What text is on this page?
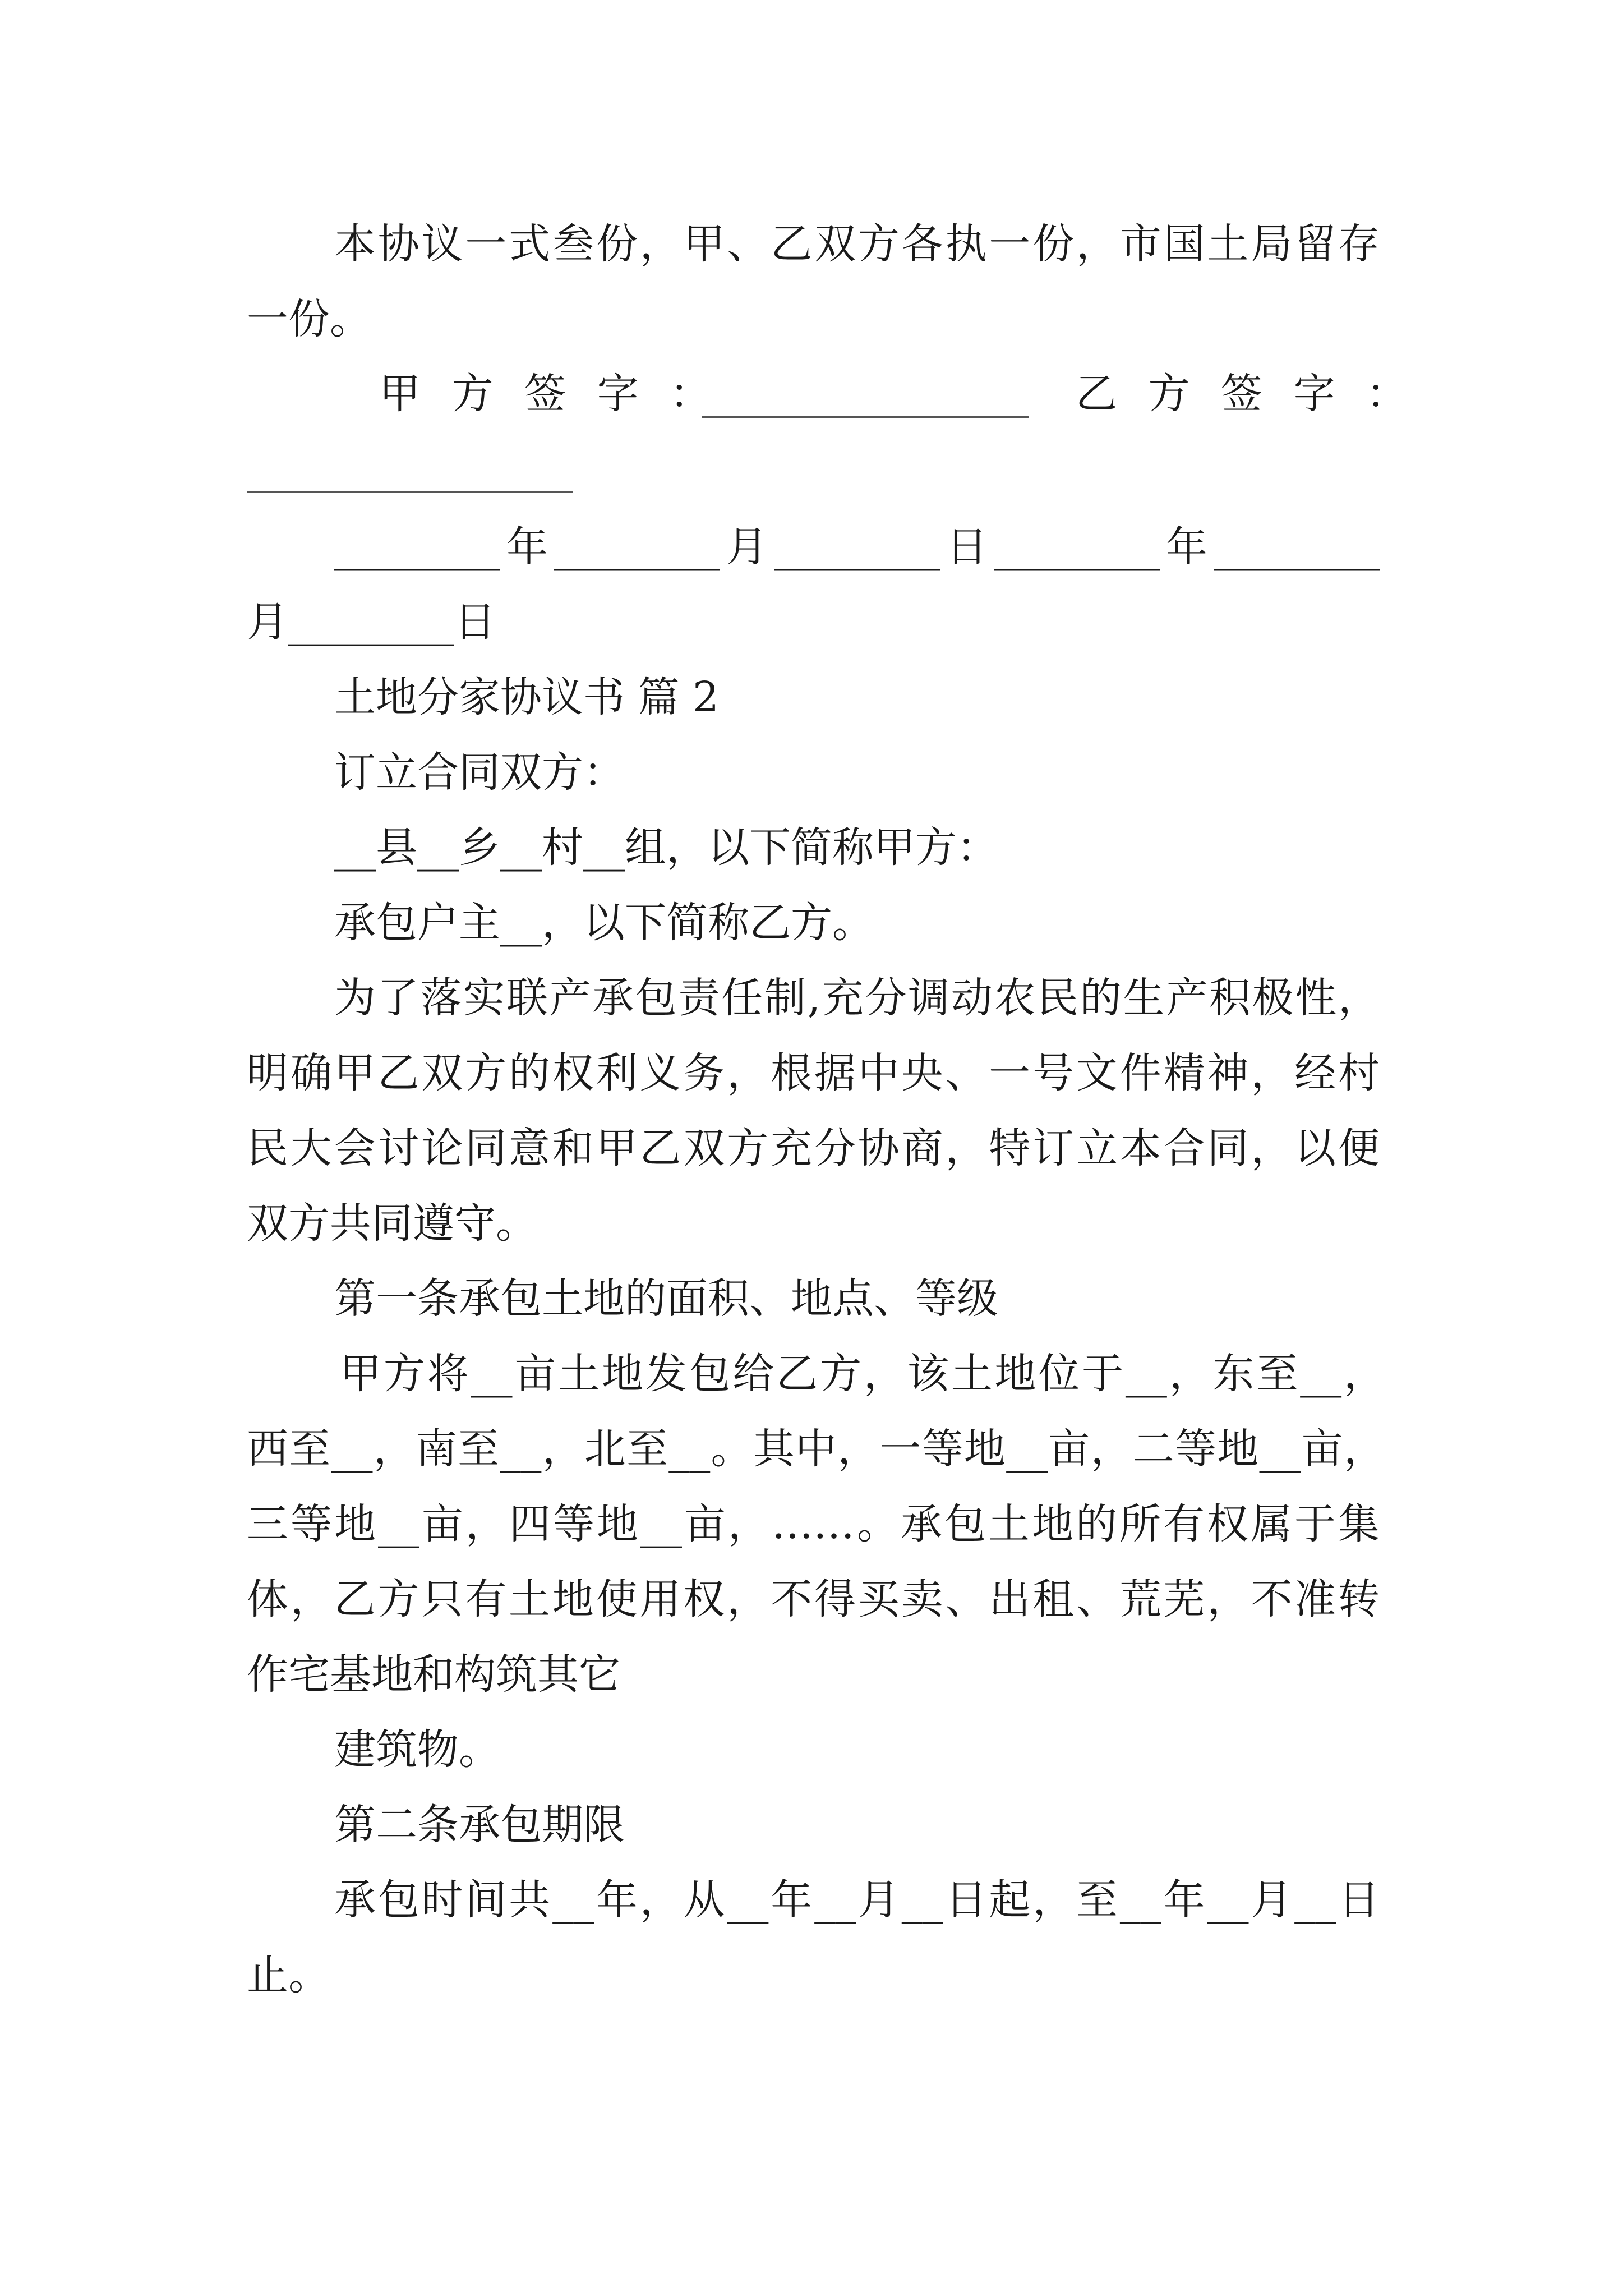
本协议一式叁份，甲、乙双方各执一份，市国土局留存
一份。
甲 方 签 字 ：	乙 方 签 字 ：
________年________月________日________年________
月________日
土地分家协议书 篇 2
订立合同双方：
__县__乡__村__组，以下简称甲方：
承包户主__，以下简称乙方。
为了落实联产承包责任制,充分调动农民的生产积极性，
明确甲乙双方的权利义务，根据中央、一号文件精神，经村
民大会讨论同意和甲乙双方充分协商，特订立本合同，以便
双方共同遵守。
第一条承包土地的面积、地点、等级
甲方将__亩土地发包给乙方，该土地位于__，东至__，
西至__，南至__，北至__。其中，一等地__亩，二等地__亩，
三等地__亩，四等地__亩，……。承包土地的所有权属于集
体，乙方只有土地使用权，不得买卖、出租、荒芜，不准转
作宅基地和构筑其它
建筑物。
第二条承包期限
承包时间共__年，从__年__月__日起，至__年__月__日
止。
